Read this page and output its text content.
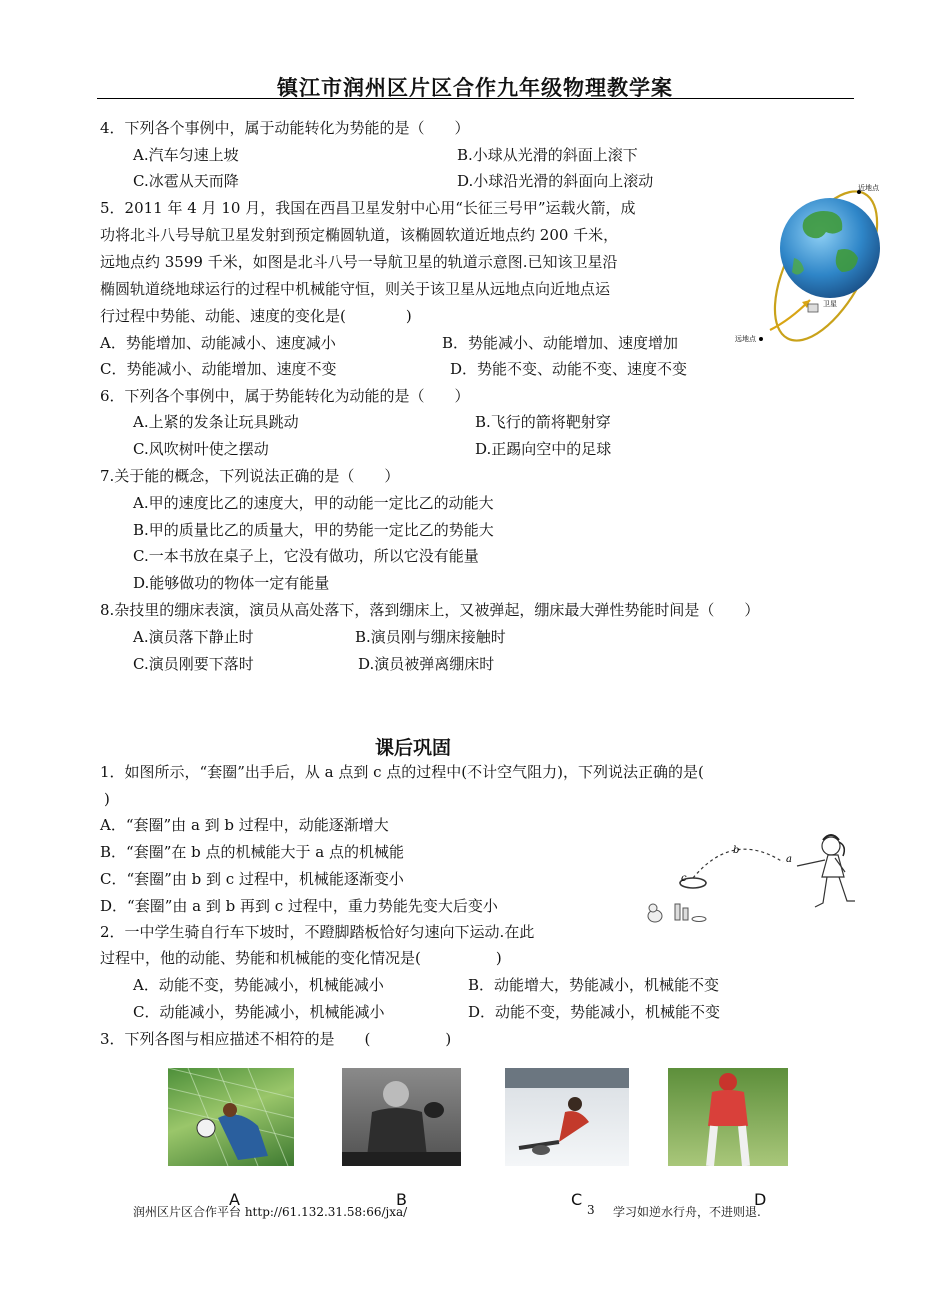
镇江市润州区片区合作九年级物理教学案
4．下列各个事例中，属于动能转化为势能的是（　　）
A.汽车匀速上坡	B.小球从光滑的斜面上滚下
C.冰雹从天而降	D.小球沿光滑的斜面向上滚动
5．2011 年 4 月 10 月，我国在西昌卫星发射中心用“长征三号甲”运载火箭，成
功将北斗八号导航卫星发射到预定椭圆轨道，该椭圆软道近地点约 200 千米，
远地点约 3599 千米，如图是北斗八号一导航卫星的轨道示意图.已知该卫星沿
椭圆轨道绕地球运行的过程中机械能守恒，则关于该卫星从远地点向近地点运
行过程中势能、动能、速度的变化是(　　　　)
A．势能增加、动能减小、速度减小	B．势能减小、动能增加、速度增加
C．势能减小、动能增加、速度不变	D．势能不变、动能不变、速度不变
近地点
远地点
卫星
6．下列各个事例中，属于势能转化为动能的是（　　）
A.上紧的发条让玩具跳动	B.飞行的箭将靶射穿
C.风吹树叶使之摆动	D.正踢向空中的足球
7.关于能的概念，下列说法正确的是（　　）
A.甲的速度比乙的速度大，甲的动能一定比乙的动能大
B.甲的质量比乙的质量大，甲的势能一定比乙的势能大
C.一本书放在桌子上，它没有做功，所以它没有能量
D.能够做功的物体一定有能量
8.杂技里的绷床表演，演员从高处落下，落到绷床上，又被弹起，绷床最大弹性势能时间是（　　）
A.演员落下静止时	B.演员刚与绷床接触时
C.演员刚要下落时	D.演员被弹离绷床时
课后巩固
1．如图所示，“套圈”出手后，从 a 点到 c 点的过程中(不计空气阻力)，下列说法正确的是(
)
A．“套圈”由 a 到 b 过程中，动能逐渐增大
B．“套圈”在 b 点的机械能大于 a 点的机械能
C．“套圈”由 b 到 c 过程中，机械能逐渐变小
D．“套圈”由 a 到 b 再到 c 过程中，重力势能先变大后变小
b
a
c
2．一中学生骑自行车下坡时，不蹬脚踏板恰好匀速向下运动.在此
过程中，他的动能、势能和机械能的变化情况是(　　　　　)
A．动能不变，势能减小，机械能减小	B．动能增大，势能减小，机械能不变
C．动能减小，势能减小，机械能减小	D．动能不变，势能减小，机械能不变
3．下列各图与相应描述不相符的是　　(　　　　　)
A	B	C	D
润州区片区合作平台 http://61.132.31.58:66/jxa/	3 学习如逆水行舟，不进则退.
